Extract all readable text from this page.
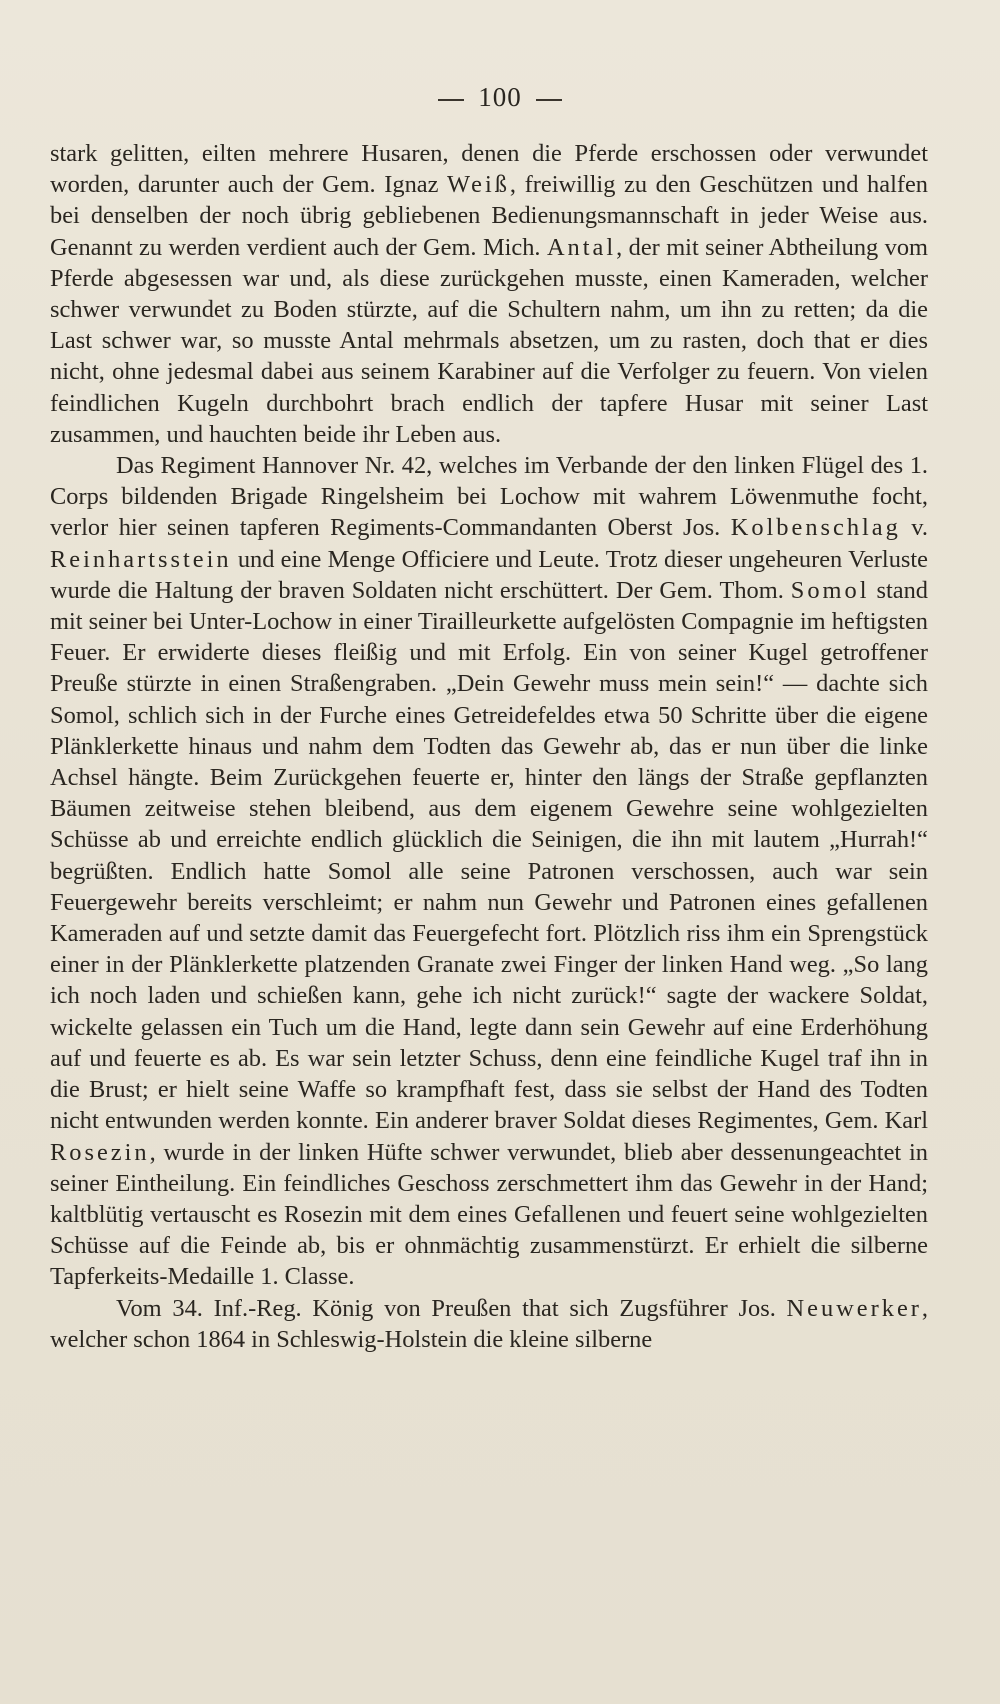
100

stark gelitten, eilten mehrere Husaren, denen die Pferde erschossen oder verwundet worden, darunter auch der Gem. Ignaz Weiß, freiwillig zu den Geschützen und halfen bei denselben der noch übrig gebliebenen Bedienungsmannschaft in jeder Weise aus. Genannt zu werden verdient auch der Gem. Mich. Antal, der mit seiner Abtheilung vom Pferde abgesessen war und, als diese zurückgehen musste, einen Kameraden, welcher schwer verwundet zu Boden stürzte, auf die Schultern nahm, um ihn zu retten; da die Last schwer war, so musste Antal mehrmals absetzen, um zu rasten, doch that er dies nicht, ohne jedesmal dabei aus seinem Karabiner auf die Verfolger zu feuern. Von vielen feindlichen Kugeln durchbohrt brach endlich der tapfere Husar mit seiner Last zusammen, und hauchten beide ihr Leben aus.

Das Regiment Hannover Nr. 42, welches im Verbande der den linken Flügel des 1. Corps bildenden Brigade Ringelsheim bei Lochow mit wahrem Löwenmuthe focht, verlor hier seinen tapferen Regiments-Commandanten Oberst Jos. Kolbenschlag v. Reinhartsstein und eine Menge Officiere und Leute. Trotz dieser ungeheuren Verluste wurde die Haltung der braven Soldaten nicht erschüttert. Der Gem. Thom. Somol stand mit seiner bei Unter-Lochow in einer Tirailleurkette aufgelösten Compagnie im heftigsten Feuer. Er erwiderte dieses fleißig und mit Erfolg. Ein von seiner Kugel getroffener Preuße stürzte in einen Straßengraben. „Dein Gewehr muss mein sein!“ — dachte sich Somol, schlich sich in der Furche eines Getreidefeldes etwa 50 Schritte über die eigene Plänklerkette hinaus und nahm dem Todten das Gewehr ab, das er nun über die linke Achsel hängte. Beim Zurückgehen feuerte er, hinter den längs der Straße gepflanzten Bäumen zeitweise stehen bleibend, aus dem eigenem Gewehre seine wohlgezielten Schüsse ab und erreichte endlich glücklich die Seinigen, die ihn mit lautem „Hurrah!“ begrüßten. Endlich hatte Somol alle seine Patronen verschossen, auch war sein Feuergewehr bereits verschleimt; er nahm nun Gewehr und Patronen eines gefallenen Kameraden auf und setzte damit das Feuergefecht fort. Plötzlich riss ihm ein Sprengstück einer in der Plänklerkette platzenden Granate zwei Finger der linken Hand weg. „So lang ich noch laden und schießen kann, gehe ich nicht zurück!“ sagte der wackere Soldat, wickelte gelassen ein Tuch um die Hand, legte dann sein Gewehr auf eine Erderhöhung auf und feuerte es ab. Es war sein letzter Schuss, denn eine feindliche Kugel traf ihn in die Brust; er hielt seine Waffe so krampfhaft fest, dass sie selbst der Hand des Todten nicht entwunden werden konnte. Ein anderer braver Soldat dieses Regimentes, Gem. Karl Rosezin, wurde in der linken Hüfte schwer verwundet, blieb aber dessenungeachtet in seiner Eintheilung. Ein feindliches Geschoss zerschmettert ihm das Gewehr in der Hand; kaltblütig vertauscht es Rosezin mit dem eines Gefallenen und feuert seine wohlgezielten Schüsse auf die Feinde ab, bis er ohnmächtig zusammenstürzt. Er erhielt die silberne Tapferkeits-Medaille 1. Classe.

Vom 34. Inf.-Reg. König von Preußen that sich Zugsführer Jos. Neuwerker, welcher schon 1864 in Schleswig-Holstein die kleine silberne
